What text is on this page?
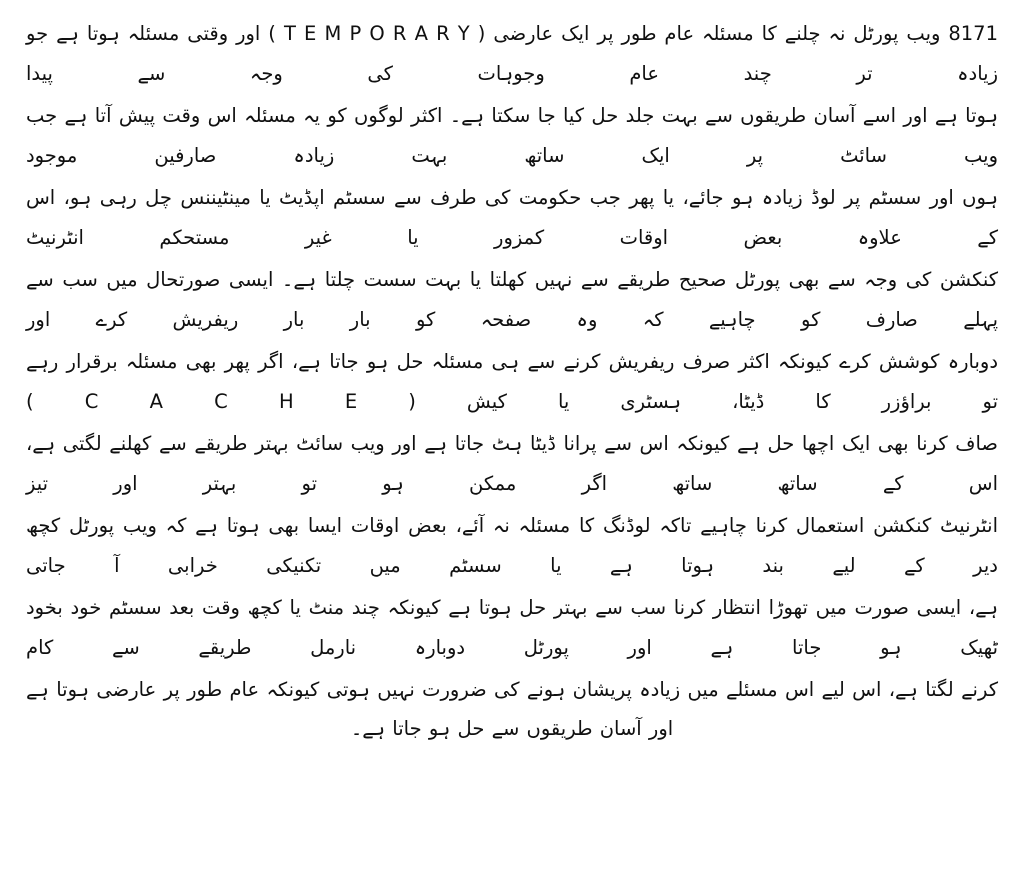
8171 ویب پورٹل نہ چلنے کا مسئلہ عام طور پر ایک عارضی ( T E M P O R A R Y ) اور وقتی مسئلہ ہوتا ہے جو زیادہ تر چند عام وجوہات کی وجہ سے پیدا

ہوتا ہے اور اسے آسان طریقوں سے بہت جلد حل کیا جا سکتا ہے۔ اکثر لوگوں کو یہ مسئلہ اس وقت پیش آتا ہے جب ویب سائٹ پر ایک ساتھ بہت زیادہ صارفین موجود

ہوں اور سسٹم پر لوڈ زیادہ ہو جائے، یا پھر جب حکومت کی طرف سے سسٹم اپڈیٹ یا مینٹیننس چل رہی ہو، اس کے علاوہ بعض اوقات کمزور یا غیر مستحکم انٹرنیٹ

کنکشن کی وجہ سے بھی پورٹل صحیح طریقے سے نہیں کھلتا یا بہت سست چلتا ہے۔ ایسی صورتحال میں سب سے پہلے صارف کو چاہیے کہ وہ صفحہ کو بار بار ریفریش کرے اور

دوبارہ کوشش کرے کیونکہ اکثر صرف ریفریش کرنے سے ہی مسئلہ حل ہو جاتا ہے، اگر پھر بھی مسئلہ برقرار رہے تو براؤزر کا ڈیٹا، ہسٹری یا کیش ( C A C H E )

صاف کرنا بھی ایک اچھا حل ہے کیونکہ اس سے پرانا ڈیٹا ہٹ جاتا ہے اور ویب سائٹ بہتر طریقے سے کھلنے لگتی ہے، اس کے ساتھ ساتھ اگر ممکن ہو تو بہتر اور تیز

انٹرنیٹ کنکشن استعمال کرنا چاہیے تاکہ لوڈنگ کا مسئلہ نہ آئے، بعض اوقات ایسا بھی ہوتا ہے کہ ویب پورٹل کچھ دیر کے لیے بند ہوتا ہے یا سسٹم میں تکنیکی خرابی آ جاتی

ہے، ایسی صورت میں تھوڑا انتظار کرنا سب سے بہتر حل ہوتا ہے کیونکہ چند منٹ یا کچھ وقت بعد سسٹم خود بخود ٹھیک ہو جاتا ہے اور پورٹل دوبارہ نارمل طریقے سے کام

کرنے لگتا ہے، اس لیے اس مسئلے میں زیادہ پریشان ہونے کی ضرورت نہیں ہوتی کیونکہ عام طور پر عارضی ہوتا ہے اور آسان طریقوں سے حل ہو جاتا ہے۔
